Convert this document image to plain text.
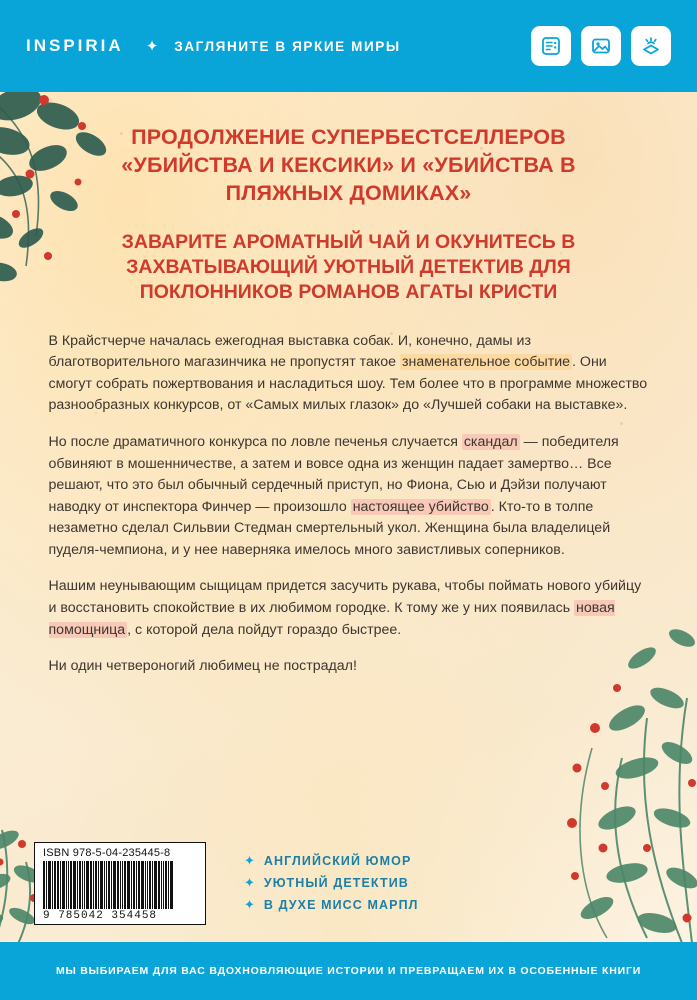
INSPIRIA ✦ ЗАГЛЯНИТЕ В ЯРКИЕ МИРЫ
ПРОДОЛЖЕНИЕ СУПЕРБЕСТСЕЛЛЕРОВ «УБИЙСТВА И КЕКСИКИ» И «УБИЙСТВА В ПЛЯЖНЫХ ДОМИКАХ»
ЗАВАРИТЕ АРОМАТНЫЙ ЧАЙ И ОКУНИТЕСЬ В ЗАХВАТЫВАЮЩИЙ УЮТНЫЙ ДЕТЕКТИВ ДЛЯ ПОКЛОННИКОВ РОМАНОВ АГАТЫ КРИСТИ

В Крайстчерче началась ежегодная выставка собак. И, конечно, дамы из благотворительного магазинчика не пропустят такое знаменательное событие . Они смогут собрать пожертвования и насладиться шоу. Тем более что в программе множество разнообразных конкурсов, от «Самых милых глазок» до «Лучшей собаки на выставке».

Но после драматичного конкурса по ловле печенья случается скандал — победителя обвиняют в мошенничестве, а затем и вовсе одна из женщин падает замертво… Все решают, что это был обычный сердечный приступ, но Фиона, Сью и Дэйзи получают наводку от инспектора Финчер — произошло настоящее убийство . Кто-то в толпе незаметно сделал Сильвии Стедман смертельный укол. Женщина была владелицей пуделя-чемпиона, и у нее наверняка имелось много завистливых соперников.

Нашим неунывающим сыщицам придется засучить рукава, чтобы поймать нового убийцу и восстановить спокойствие в их любимом городке. К тому же у них появилась новая помощница , с которой дела пойдут гораздо быстрее.

Ни один четвероногий любимец не пострадал!

ISBN 978-5-04-235445-8
9 785042 354458
✦ АНГЛИЙСКИЙ ЮМОР
✦ УЮТНЫЙ ДЕТЕКТИВ
✦ В ДУХЕ МИСС МАРПЛ
МЫ ВЫБИРАЕМ ДЛЯ ВАС ВДОХНОВЛЯЮЩИЕ ИСТОРИИ И ПРЕВРАЩАЕМ ИХ В ОСОБЕННЫЕ КНИГИ
